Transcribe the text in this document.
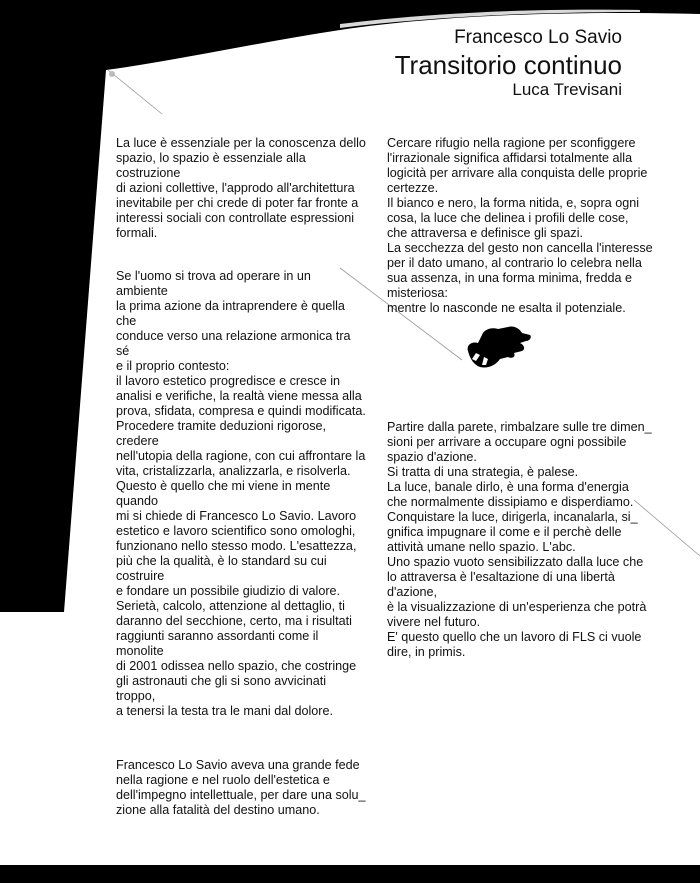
Francesco Lo Savio
Transitorio continuo
Luca Trevisani

La luce è essenziale per la conoscenza dello
spazio, lo spazio è essenziale alla costruzione
di azioni collettive, l'approdo all'architettura
inevitabile per chi crede di poter far fronte a
interessi sociali con controllate espressioni
formali.

Se l'uomo si trova ad operare in un ambiente
la prima azione da intraprendere è quella che
conduce verso una relazione armonica tra sé
e il proprio contesto:
il lavoro estetico progredisce e cresce in
analisi e verifiche, la realtà viene messa alla
prova, sfidata, compresa e quindi modificata.
Procedere tramite deduzioni rigorose, credere
nell'utopia della ragione, con cui affrontare la
vita, cristalizzarla, analizzarla, e risolverla.
Questo è quello che mi viene in mente quando
mi si chiede di Francesco Lo Savio. Lavoro
estetico e lavoro scientifico sono omologhi,
funzionano nello stesso modo. L'esattezza,
più che la qualità, è lo standard su cui costruire
e fondare un possibile giudizio di valore.
Serietà, calcolo, attenzione al dettaglio, ti
daranno del secchione, certo, ma i risultati
raggiunti saranno assordanti come il monolite
di 2001 odissea nello spazio, che costringe
gli astronauti che gli si sono avvicinati troppo,
a tenersi la testa tra le mani dal dolore.

Francesco Lo Savio aveva una grande fede
nella ragione e nel ruolo dell'estetica e
dell'impegno intellettuale, per dare una solu_
zione alla fatalità del destino umano.

Cercare rifugio nella ragione per sconfiggere
l'irrazionale significa affidarsi totalmente alla
logicità per arrivare alla conquista delle proprie
certezze.
Il bianco e nero, la forma nitida, e, sopra ogni
cosa, la luce che delinea i profili delle cose,
che attraversa e definisce gli spazi.
La secchezza del gesto non cancella l'interesse
per il dato umano, al contrario lo celebra nella
sua assenza, in una forma minima, fredda e
misteriosa:
mentre lo nasconde ne esalta il potenziale.

Partire dalla parete, rimbalzare sulle tre dimen_
sioni per arrivare a occupare ogni possibile
spazio d'azione.
Si tratta di una strategia, è palese.
La luce, banale dirlo, è una forma d'energia
che normalmente dissipiamo e disperdiamo.
Conquistare la luce, dirigerla, incanalarla, si_
gnifica impugnare il come e il perchè delle
attività umane nello spazio. L'abc.
Uno spazio vuoto sensibilizzato dalla luce che
lo attraversa è l'esaltazione di una libertà d'azione,
è la visualizzazione di un'esperienza che potrà
vivere nel futuro.
E' questo quello che un lavoro di FLS ci vuole
dire, in primis.
